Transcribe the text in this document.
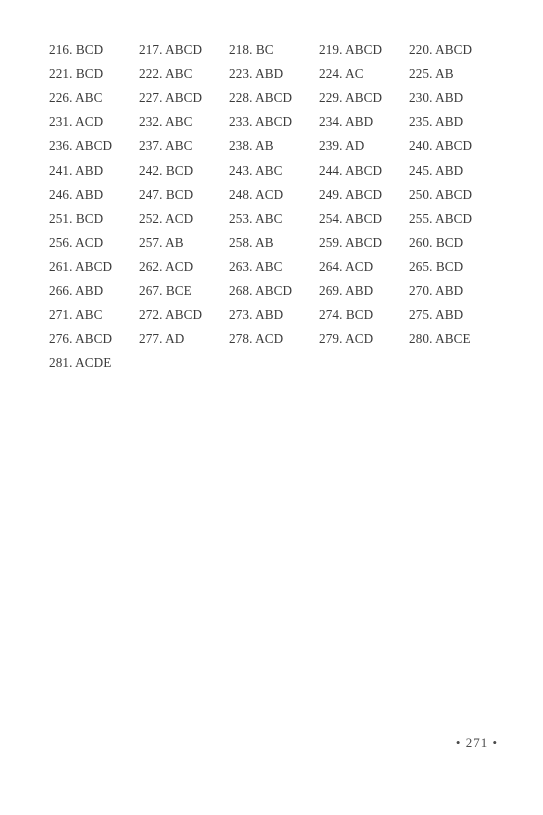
216. BCD	217. ABCD	218. BC	219. ABCD	220. ABCD
221. BCD	222. ABC	223. ABD	224. AC	225. AB
226. ABC	227. ABCD	228. ABCD	229. ABCD	230. ABD
231. ACD	232. ABC	233. ABCD	234. ABD	235. ABD
236. ABCD	237. ABC	238. AB	239. AD	240. ABCD
241. ABD	242. BCD	243. ABC	244. ABCD	245. ABD
246. ABD	247. BCD	248. ACD	249. ABCD	250. ABCD
251. BCD	252. ACD	253. ABC	254. ABCD	255. ABCD
256. ACD	257. AB	258. AB	259. ABCD	260. BCD
261. ABCD	262. ACD	263. ABC	264. ACD	265. BCD
266. ABD	267. BCE	268. ABCD	269. ABD	270. ABD
271. ABC	272. ABCD	273. ABD	274. BCD	275. ABD
276. ABCD	277. AD	278. ACD	279. ACD	280. ABCE
281. ACDE
• 271 •
